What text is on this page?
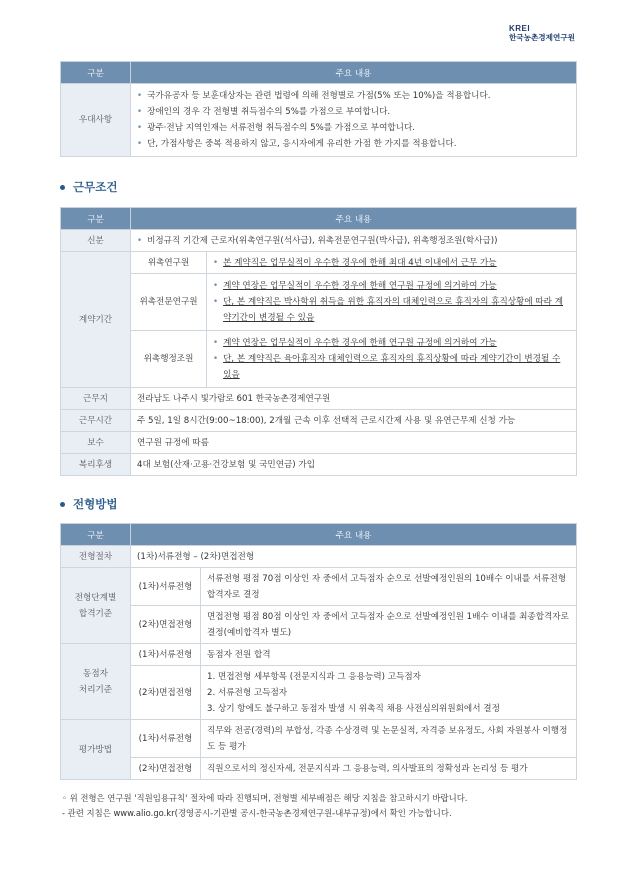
KREI
한국농촌경제연구원
구분	주요 내용
우대사항	• 국가유공자 등 보훈대상자는 관련 법령에 의해 전형별로 가점(5% 또는 10%)을 적용합니다.
• 장애인의 경우 각 전형별 취득점수의 5%를 가점으로 부여합니다.
• 광주·전남 지역인재는 서류전형 취득점수의 5%를 가점으로 부여합니다.
• 단, 가점사항은 중복 적용하지 않고, 응시자에게 유리한 가점 한 가지를 적용합니다.
근무조건
구분	주요 내용	
신분	• 비정규직 기간제 근로자(위촉연구원(석사급), 위촉전문연구원(박사급), 위촉행정조원(학사급))	
계약기간	위촉연구원	• 본 계약직은 업무실적이 우수한 경우에 한해 최대 4년 이내에서 근무 가능
	위촉전문연구원	• 계약 연장은 업무실적이 우수한 경우에 한해 연구원 규정에 의거하여 가능
• 단, 본 계약직은 박사학위 취득을 위한 휴직자의 대체인력으로 휴직자의 휴직상황에 따라 계약기간이 변경될 수 있음

	위촉행정조원	• 계약 연장은 업무실적이 우수한 경우에 한해 연구원 규정에 의거하여 가능
• 단, 본 계약직은 육아휴직자 대체인력으로 휴직자의 휴직상황에 따라 계약기간이 변경될 수 있음

근무지	전라남도 나주시 빛가람로 601 한국농촌경제연구원	
근무시간	주 5일, 1일 8시간(9:00~18:00), 2개월 근속 이후 선택적 근로시간제 사용 및 유연근무제 신청 가능	
보수	연구원 규정에 따름	
복리후생	4대 보험(산재·고용·건강보험 및 국민연금) 가입	
전형방법
구분	주요 내용	
전형절차	(1차)서류전형 – (2차)면접전형	

전형단계별
합격기준	(1차)서류전형	서류전형 평점 70점 이상인 자 중에서 고득점자 순으로 선발예정인원의 10배수 이내를 서류전형 합격자로 결정
	(2차)면접전형	면접전형 평점 80점 이상인 자 중에서 고득점자 순으로 선발예정인원 1배수 이내를 최종합격자로 결정(예비합격자 별도)

동점자
처리기준	(1차)서류전형	동점자 전원 합격
	(2차)면접전형	1. 면접전형 세부항목 (전문지식과 그 응용능력) 고득점자
2. 서류전형 고득점자
3. 상기 항에도 불구하고 동점자 발생 시 위촉직 채용 사전심의위원회에서 결정

평가방법	(1차)서류전형	직무와 전공(경력)의 부합성, 각종 수상경력 및 논문실적, 자격증 보유정도, 사회 자원봉사 이행정도 등 평가
	(2차)면접전형	직원으로서의 정신자세, 전문지식과 그 응용능력, 의사발표의 정확성과 논리성 등 평가
◦ 위 전형은 연구원 '직원임용규칙' 절차에 따라 진행되며, 전형별 세부배점은 해당 지침을 참고하시기 바랍니다.
- 관련 지침은 www.alio.go.kr(경영공시-기관별 공시-한국농촌경제연구원-내부규정)에서 확인 가능합니다.
